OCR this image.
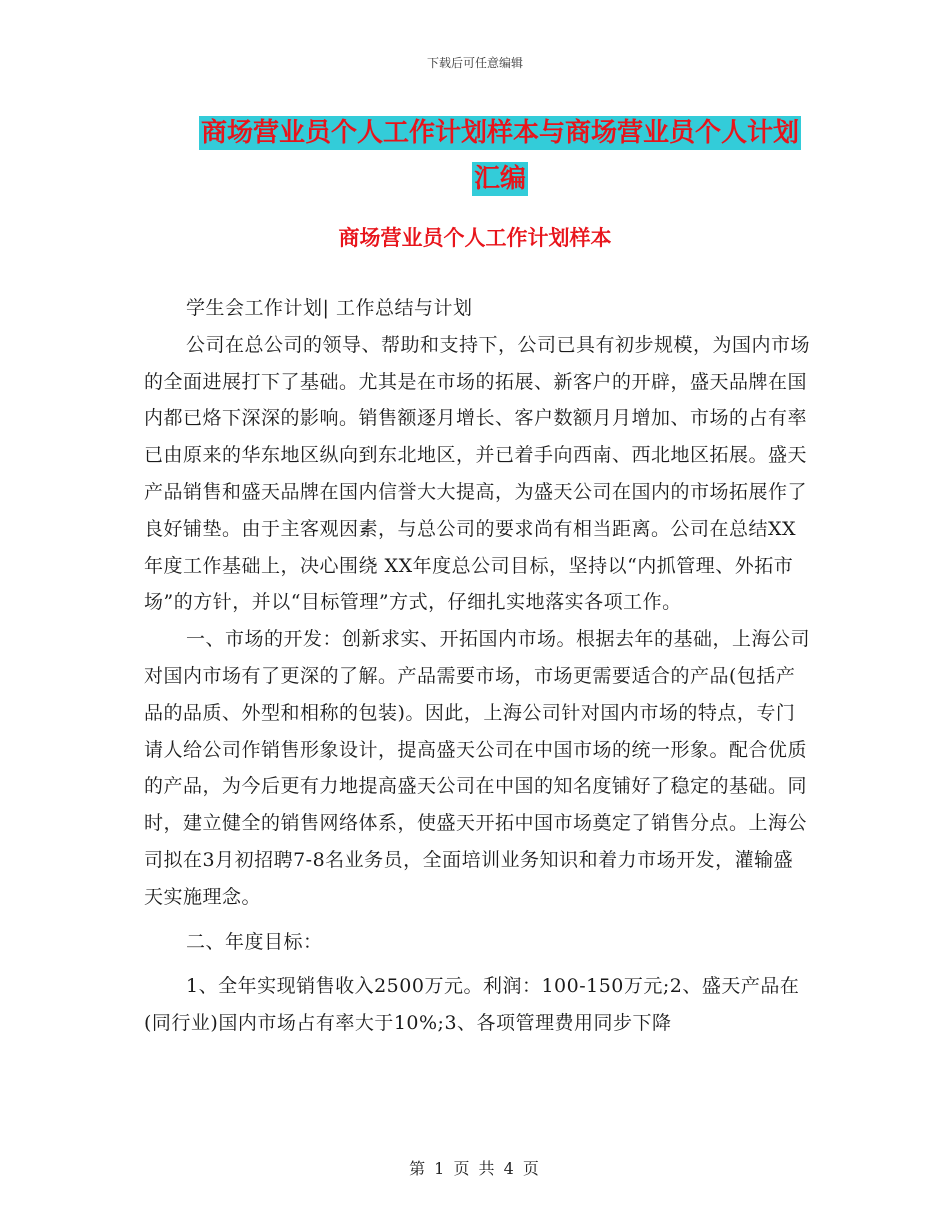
下载后可任意编辑
商场营业员个人工作计划样本与商场营业员个人计划
汇编
商场营业员个人工作计划样本

学生会工作计划| 工作总结与计划

公司在总公司的领导、帮助和支持下，公司已具有初步规模，为国内市场的全面进展打下了基础。尤其是在市场的拓展、新客户的开辟，盛天品牌在国内都已烙下深深的影响。销售额逐月增长、客户数额月月增加、市场的占有率已由原来的华东地区纵向到东北地区，并已着手向西南、西北地区拓展。盛天产品销售和盛天品牌在国内信誉大大提高，为盛天公司在国内的市场拓展作了良好铺垫。由于主客观因素，与总公司的要求尚有相当距离。公司在总结XX年度工作基础上，决心围绕 XX年度总公司目标，坚持以“内抓管理、外拓市场”的方针，并以“目标管理”方式，仔细扎实地落实各项工作。

一、市场的开发：创新求实、开拓国内市场。根据去年的基础，上海公司对国内市场有了更深的了解。产品需要市场，市场更需要适合的产品(包括产品的品质、外型和相称的包装)。因此，上海公司针对国内市场的特点，专门请人给公司作销售形象设计，提高盛天公司在中国市场的统一形象。配合优质的产品，为今后更有力地提高盛天公司在中国的知名度铺好了稳定的基础。同时，建立健全的销售网络体系，使盛天开拓中国市场奠定了销售分点。上海公司拟在3月初招聘7-8名业务员，全面培训业务知识和着力市场开发，灌输盛天实施理念。

二、年度目标：

1、全年实现销售收入2500万元。利润：100-150万元;2、盛天产品在(同行业)国内市场占有率大于10%;3、各项管理费用同步下降

第 1 页 共 4 页
